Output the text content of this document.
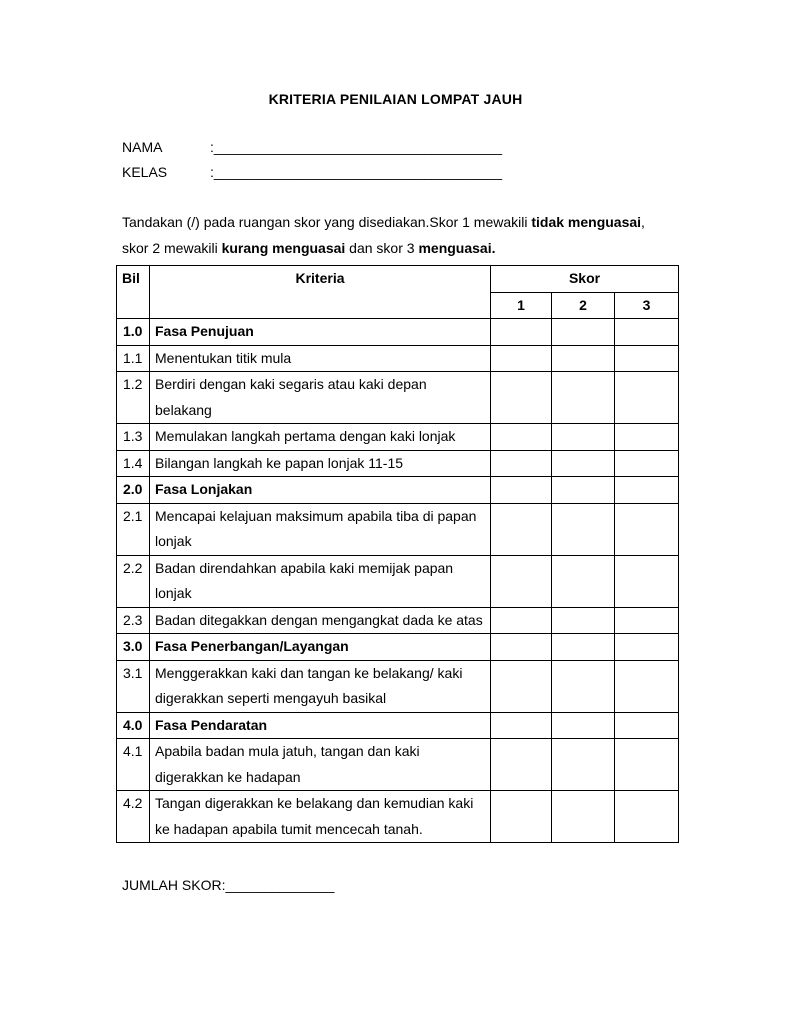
KRITERIA PENILAIAN LOMPAT JAUH
NAMA	:_____________________________________
KELAS	:_____________________________________

Tandakan (/) pada ruangan skor yang disediakan.Skor 1 mewakili tidak menguasai,

skor 2 mewakili kurang menguasai dan skor 3 menguasai.

Bil	Kriteria	Skor		
		1	2	3
1.0	Fasa Penujuan			
1.1	Menentukan titik mula			
1.2	Berdiri dengan kaki segaris atau kaki depan belakang			
1.3	Memulakan langkah pertama dengan kaki lonjak			
1.4	Bilangan langkah ke papan lonjak 11-15			
2.0	Fasa Lonjakan			
2.1	Mencapai kelajuan maksimum apabila tiba di papan lonjak			
2.2	Badan direndahkan apabila kaki memijak papan lonjak			
2.3	Badan ditegakkan dengan mengangkat dada ke atas			
3.0	Fasa Penerbangan/Layangan			
3.1	Menggerakkan kaki dan tangan ke belakang/ kaki digerakkan seperti mengayuh basikal			
4.0	Fasa Pendaratan			
4.1	Apabila badan mula jatuh, tangan dan kaki digerakkan ke hadapan			
4.2	Tangan digerakkan ke belakang dan kemudian kaki ke hadapan apabila tumit mencecah tanah.			
JUMLAH SKOR:______________
